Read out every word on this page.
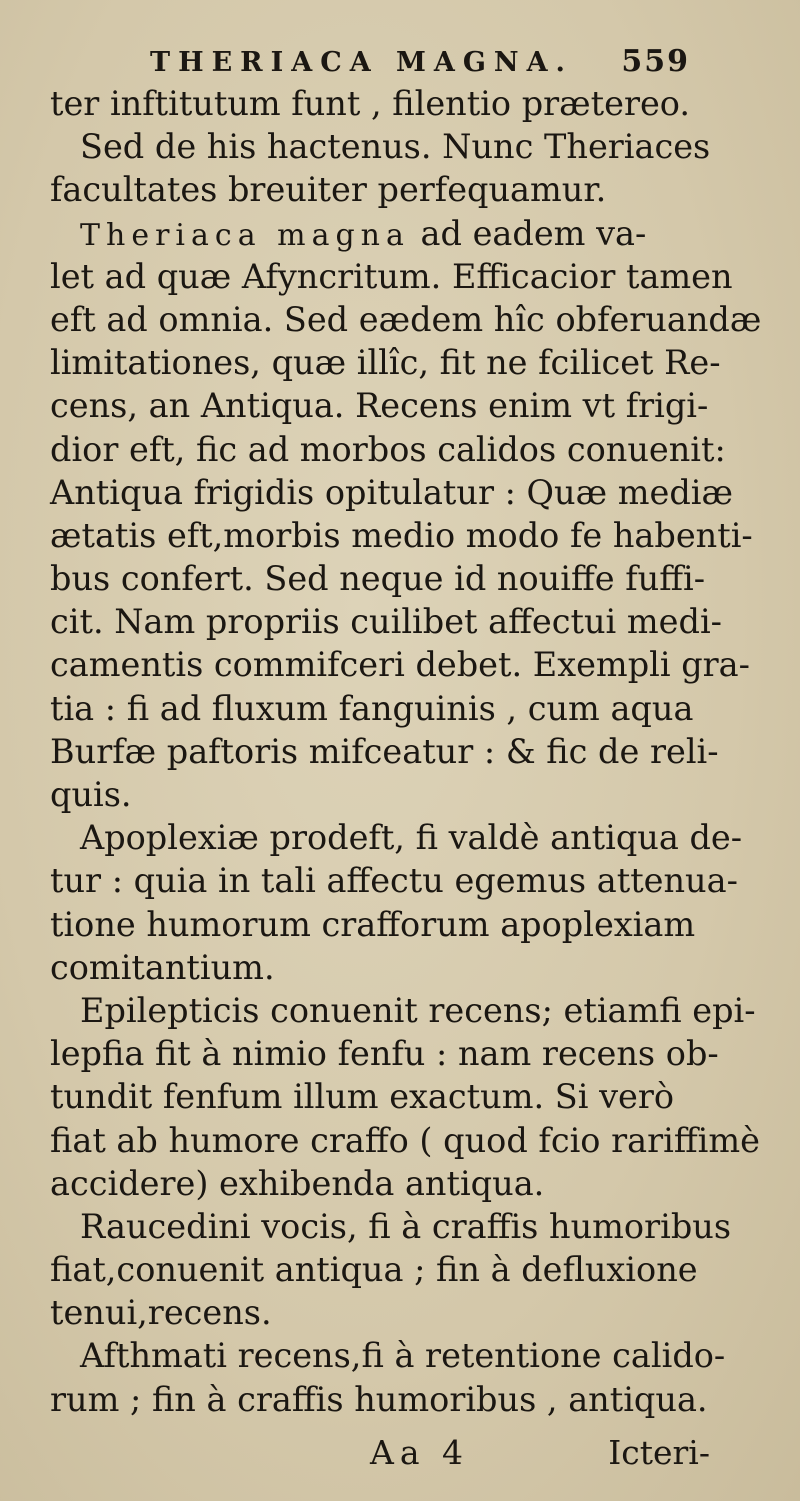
THERIACA MAGNA. 559
ter inftitutum funt , filentio prætereo.
Sed de his hactenus. Nunc Theriaces
facultates breuiter perfequamur.
Theriaca magna ad eadem va-
let ad quæ Afyncritum. Efficacior tamen
eft ad omnia. Sed eædem hîc obferuandæ
limitationes, quæ illîc, fit ne fcilicet Re-
cens, an Antiqua. Recens enim vt frigi-
dior eft, fic ad morbos calidos conuenit:
Antiqua frigidis opitulatur : Quæ mediæ
ætatis eft,morbis medio modo fe habenti-
bus confert. Sed neque id nouiffe fuffi-
cit. Nam propriis cuilibet affectui medi-
camentis commifceri debet. Exempli gra-
tia : fi ad fluxum fanguinis , cum aqua
Burfæ paftoris mifceatur : & fic de reli-
quis.
Apoplexiæ prodeft, fi valdè antiqua de-
tur : quia in tali affectu egemus attenua-
tione humorum crafforum apoplexiam
comitantium.
Epilepticis conuenit recens; etiamfi epi-
lepfia fit à nimio fenfu : nam recens ob-
tundit fenfum illum exactum. Si verò
fiat ab humore craffo ( quod fcio rariffimè
accidere) exhibenda antiqua.
Raucedini vocis, fi à craffis humoribus
fiat,conuenit antiqua ; fin à defluxione
tenui,recens.
Afthmati recens,fi à retentione calido-
rum ; fin à craffis humoribus , antiqua.
Aa 4	Icteri-
